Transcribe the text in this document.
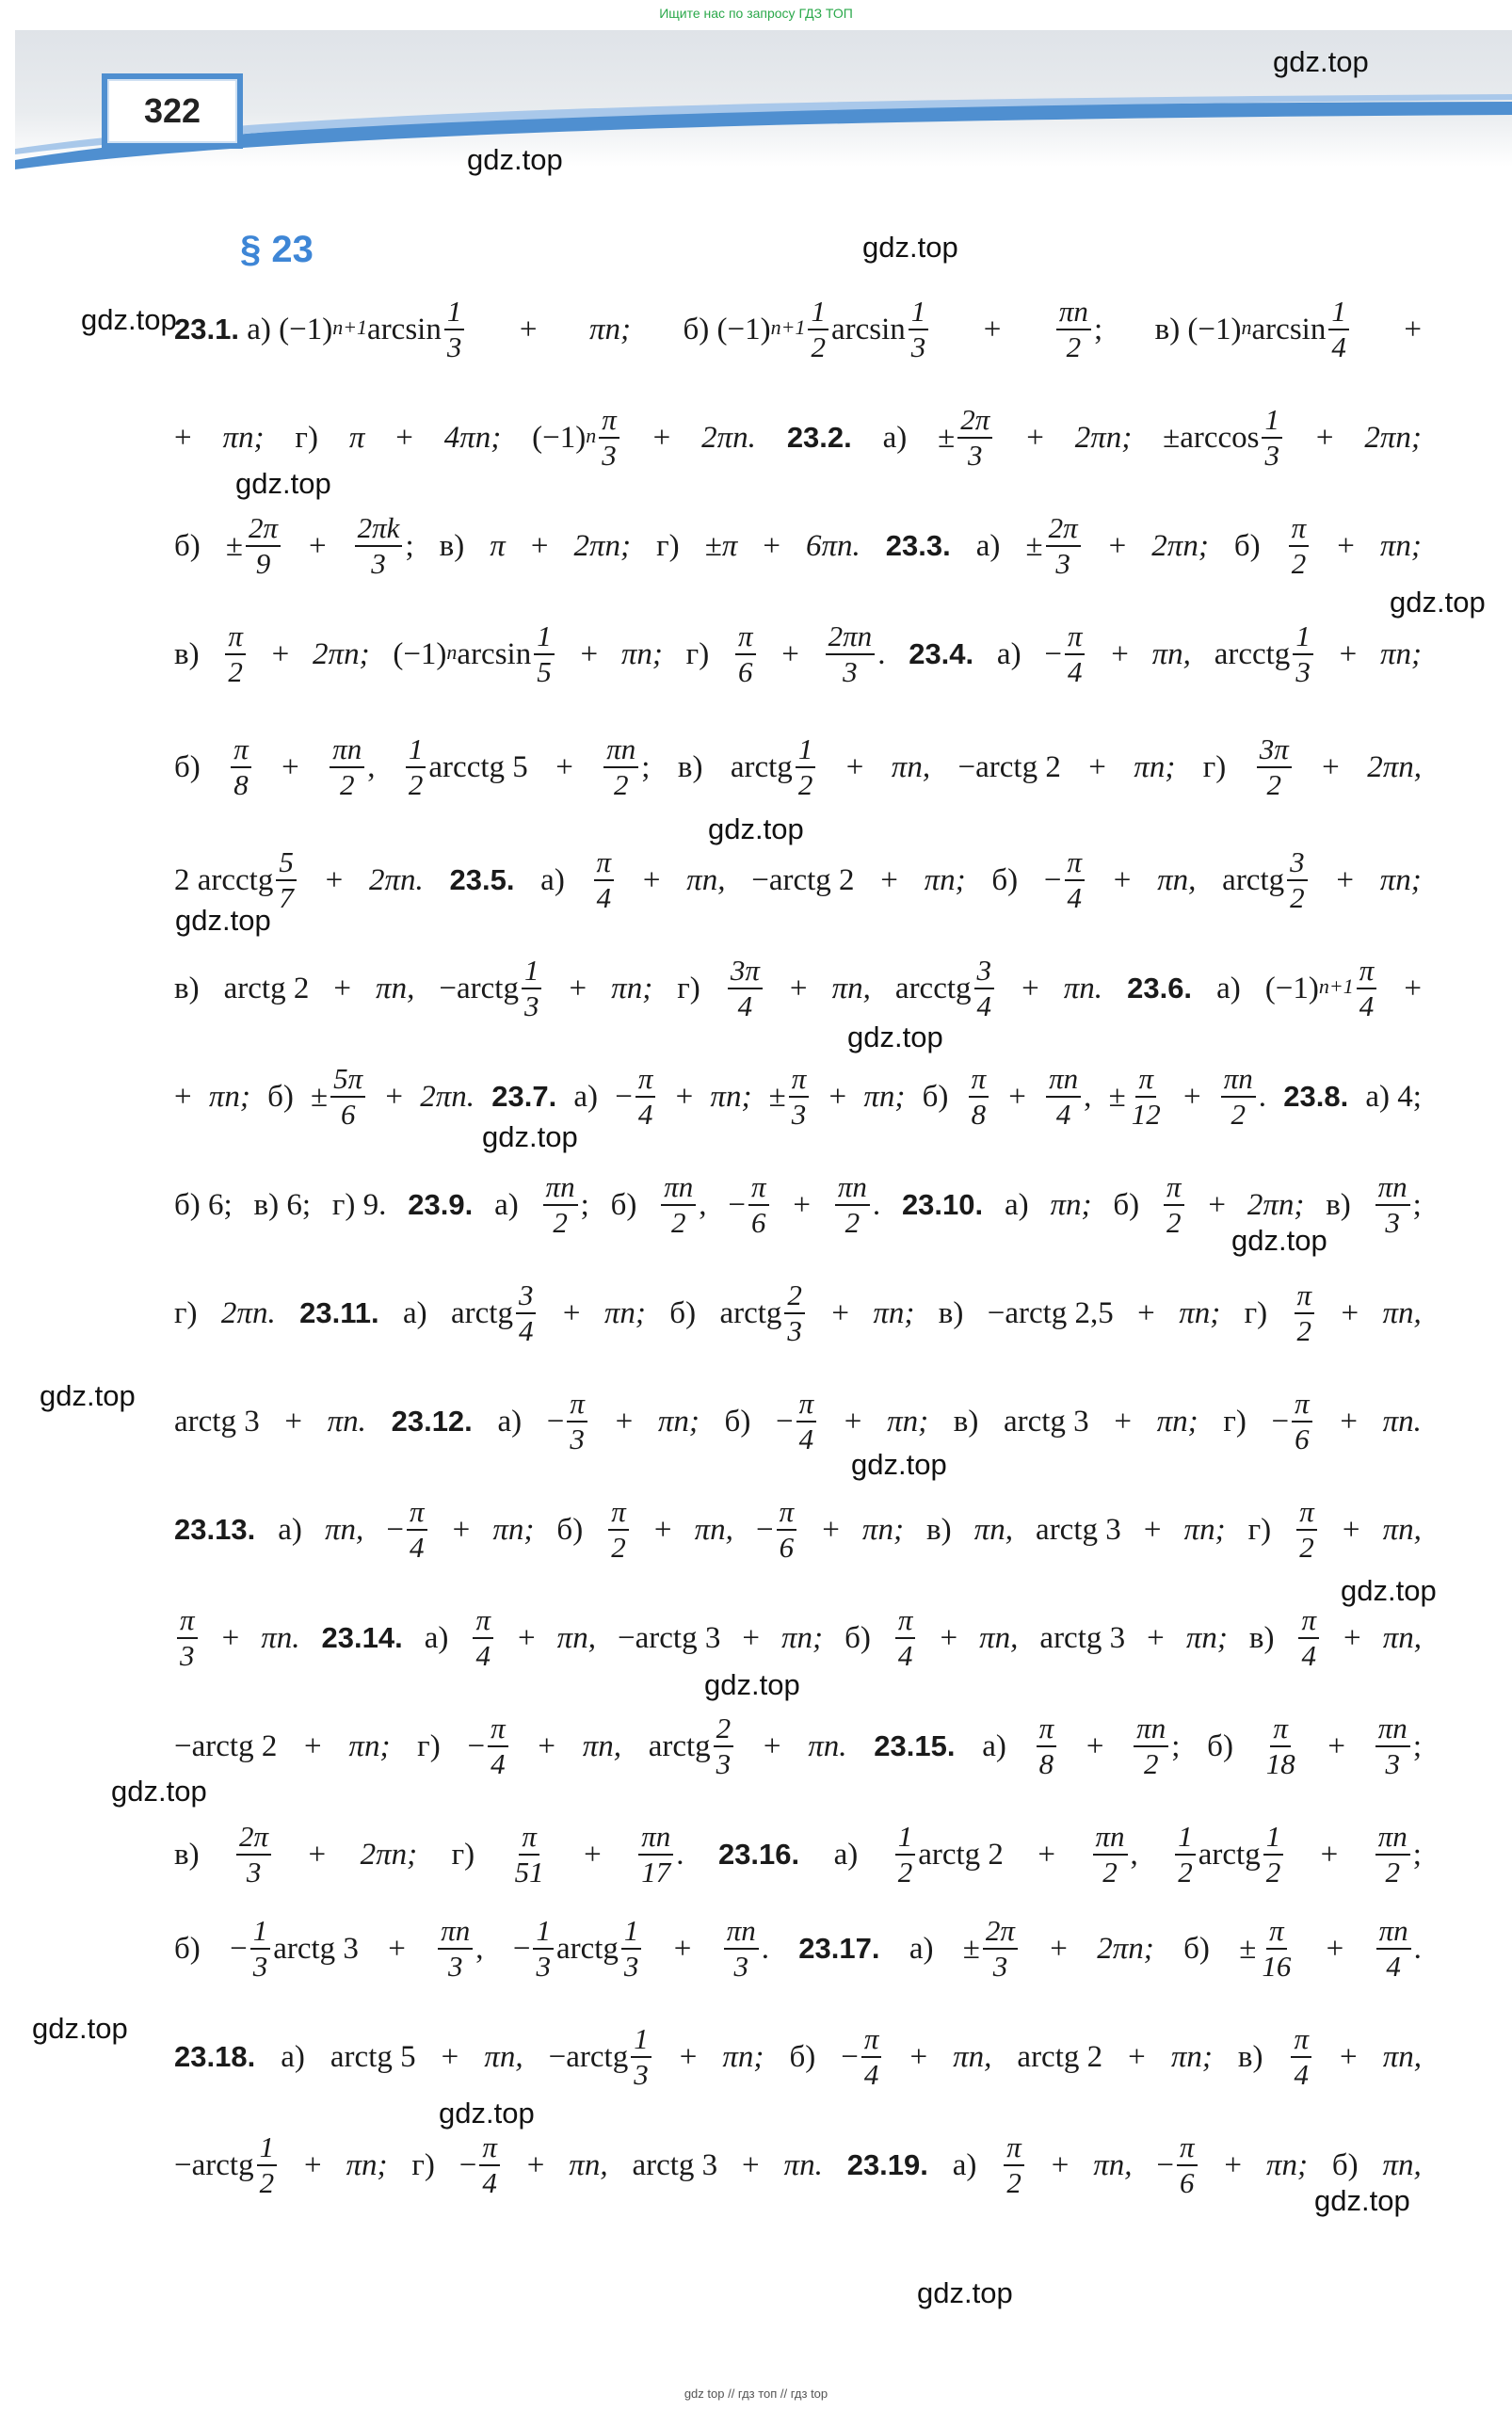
Ищите нас по запросу ГДЗ ТОП
322
§ 23
23.1. а) $(-1)^{n+1}$ $\arcsin \frac{1}{3} + \pi n$; б) $(-1)^{n+1} \frac{1}{2}$ $\arcsin \frac{1}{3} + \frac{\pi n}{2}$ ; в) $(-1)^n$ $\arcsin \frac{1}{4}$ +
+ πn; г) π + 4πn; $(-1)^n \frac{\pi}{3} + 2\pi n$. 23.2. $а) \pm \frac{2\pi}{3} + 2\pi n$; $\pm\arccos \frac{1}{3} + 2\pi n$;
$б) \pm \frac{2\pi}{9} + \frac{2\pi k}{3}$ ; в) π + 2πn; г) ±π + 6πn. 23.3. $а) \pm \frac{2\pi}{3} + 2\pi n$; $б) \frac{\pi}{2} + \pi n$;
$в) \frac{\pi}{2} + 2\pi n$; $(-1)^n$ $\arcsin \frac{1}{5} + \pi n$; $г) \frac{\pi}{6} + \frac{2\pi n}{3}$ . 23.4. $а) - \frac{\pi}{4} + \pi n$, arcctg $\frac{1}{3} + \pi n$;
$б) \frac{\pi}{8} + \frac{\pi n}{2}$ , $\frac{1}{2}$ arcctg $5 + \frac{\pi n}{2}$ ; в) arctg $\frac{1}{2} + \pi n$, −arctg 2 + πn; $г) \frac{3\pi}{2} + 2\pi n$,
2 arcctg $\frac{5}{7} + 2\pi n$. 23.5. $а) \frac{\pi}{4} + \pi n$, −arctg 2 + πn; $б) - \frac{\pi}{4} + \pi n$, arctg $\frac{3}{2} + \pi n$;
в) arctg 2 + πn, −arctg $\frac{1}{3} + \pi n$; $г) \frac{3\pi}{4} + \pi n$, arcctg $\frac{3}{4} + \pi n$. 23.6. а) $(-1)^{n+1} \frac{\pi}{4}$ +
+ πn; $б) \pm \frac{5\pi}{6} + 2\pi n$. 23.7. $а) - \frac{\pi}{4} + \pi n$; ± $\frac{\pi}{3} + \pi n$; $б) \frac{\pi}{8} + \frac{\pi n}{4}$ , ± $\frac{\pi}{12} + \frac{\pi n}{2}$ . 23.8. а) 4;
б) 6; в) 6; г) 9. 23.9. $а) \frac{\pi n}{2}$ ; $б) \frac{\pi n}{2}$ , − $\frac{\pi}{6} + \frac{\pi n}{2}$ . 23.10. а) πn; $б) \frac{\pi}{2} + 2\pi n$; $в) \frac{\pi n}{3}$ ;
г) 2πn. 23.11. а) arctg $\frac{3}{4} + \pi n$; б) arctg $\frac{2}{3} + \pi n$; в) −arctg 2,5 + πn; $г) \frac{\pi}{2} + \pi n$,
arctg 3 + πn. 23.12. $а) - \frac{\pi}{3} + \pi n$; $б) - \frac{\pi}{4} + \pi n$; в) arctg 3 + πn; $г) - \frac{\pi}{6} + \pi n$.
23.13. а) πn, − $\frac{\pi}{4} + \pi n$; $б) \frac{\pi}{2} + \pi n$, − $\frac{\pi}{6} + \pi n$; в) πn, arctg 3 + πn; $г) \frac{\pi}{2} + \pi n$,
$\frac{\pi}{3} + \pi n$. 23.14. $а) \frac{\pi}{4} + \pi n$, −arctg 3 + πn; $б) \frac{\pi}{4} + \pi n$, arctg 3 + πn; $в) \frac{\pi}{4} + \pi n$,
−arctg 2 + πn; $г) - \frac{\pi}{4} + \pi n$, arctg $\frac{2}{3} + \pi n$. 23.15. $а) \frac{\pi}{8} + \frac{\pi n}{2}$ ; $б) \frac{\pi}{18} + \frac{\pi n}{3}$ ;
$в) \frac{2\pi}{3} + 2\pi n$; $г) \frac{\pi}{51} + \frac{\pi n}{17}$ . 23.16. $а) \frac{1}{2}$ arctg $2 + \frac{\pi n}{2}$ , $\frac{1}{2}$ arctg $\frac{1}{2} + \frac{\pi n}{2}$ ;
$б) - \frac{1}{3}$ arctg $3 + \frac{\pi n}{3}$ , − $\frac{1}{3}$ arctg $\frac{1}{3} + \frac{\pi n}{3}$ . 23.17. $а) \pm \frac{2\pi}{3} + 2\pi n$; $б) \pm \frac{\pi}{16} + \frac{\pi n}{4}$ .
23.18. а) arctg 5 + πn, −arctg $\frac{1}{3} + \pi n$; $б) - \frac{\pi}{4} + \pi n$, arctg 2 + πn; $в) \frac{\pi}{4} + \pi n$,
−arctg $\frac{1}{2} + \pi n$; $г) - \frac{\pi}{4} + \pi n$, arctg 3 + πn. 23.19. $а) \frac{\pi}{2} + \pi n$, − $\frac{\pi}{6} + \pi n$; б) πn,
gdz.top
gdz.top
gdz.top
gdz.top
gdz.top
gdz.top
gdz.top
gdz.top
gdz.top
gdz.top
gdz.top
gdz.top
gdz.top
gdz.top
gdz.top
gdz.top
gdz.top
gdz.top
gdz.top
gdz.top
gdz top // гдз топ // гдз top
